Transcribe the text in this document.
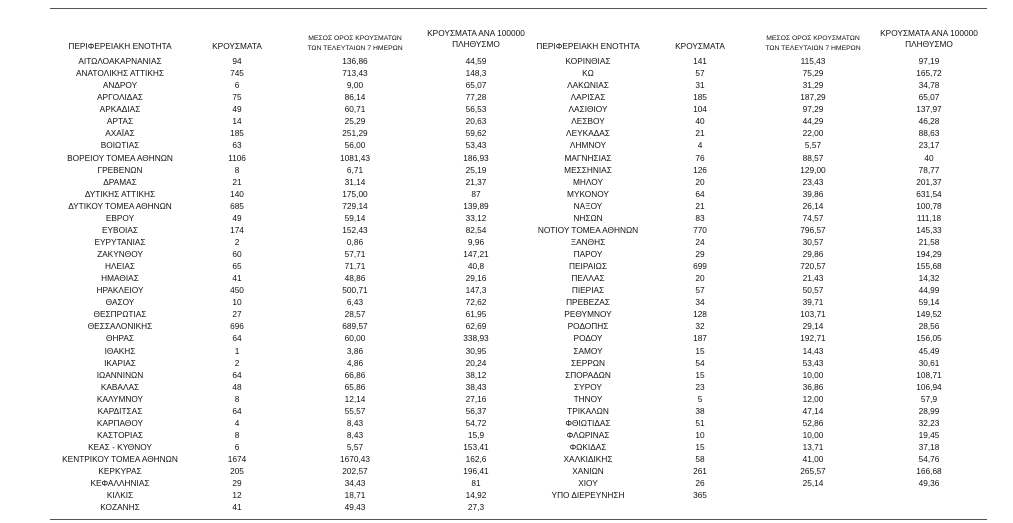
ΠΕΡΙΦΕΡΕΙΑΚΗ ΕΝΟΤΗΤΑ	ΚΡΟΥΣΜΑΤΑ
ΜΕΣΟΣ ΟΡΟΣ ΚΡΟΥΣΜΑΤΩΝ
ΤΩΝ ΤΕΛΕΥΤΑΙΩΝ 7 ΗΜΕΡΩΝ
ΚΡΟΥΣΜΑΤΑ ΑΝΑ 100000
ΠΛΗΘΥΣΜΟ
ΑΙΤΩΛΟΑΚΑΡΝΑΝΙΑΣ	94	136,86	44,59
ΑΝΑΤΟΛΙΚΗΣ ΑΤΤΙΚΗΣ	745	713,43	148,3
ΑΝΔΡΟΥ	6	9,00	65,07
ΑΡΓΟΛΙΔΑΣ	75	86,14	77,28
ΑΡΚΑΔΙΑΣ	49	60,71	56,53
ΑΡΤΑΣ	14	25,29	20,63
ΑΧΑΪΑΣ	185	251,29	59,62
ΒΟΙΩΤΙΑΣ	63	56,00	53,43
ΒΟΡΕΙΟΥ ΤΟΜΕΑ ΑΘΗΝΩΝ	1106	1081,43	186,93
ΓΡΕΒΕΝΩΝ	8	6,71	25,19
ΔΡΑΜΑΣ	21	31,14	21,37
ΔΥΤΙΚΗΣ ΑΤΤΙΚΗΣ	140	175,00	87
ΔΥΤΙΚΟΥ ΤΟΜΕΑ ΑΘΗΝΩΝ	685	729,14	139,89
ΕΒΡΟΥ	49	59,14	33,12
ΕΥΒΟΙΑΣ	174	152,43	82,54
ΕΥΡΥΤΑΝΙΑΣ	2	0,86	9,96
ΖΑΚΥΝΘΟΥ	60	57,71	147,21
ΗΛΕΙΑΣ	65	71,71	40,8
ΗΜΑΘΙΑΣ	41	48,86	29,16
ΗΡΑΚΛΕΙΟΥ	450	500,71	147,3
ΘΑΣΟΥ	10	6,43	72,62
ΘΕΣΠΡΩΤΙΑΣ	27	28,57	61,95
ΘΕΣΣΑΛΟΝΙΚΗΣ	696	689,57	62,69
ΘΗΡΑΣ	64	60,00	338,93
ΙΘΑΚΗΣ	1	3,86	30,95
ΙΚΑΡΙΑΣ	2	4,86	20,24
ΙΩΑΝΝΙΝΩΝ	64	66,86	38,12
ΚΑΒΑΛΑΣ	48	65,86	38,43
ΚΑΛΥΜΝΟΥ	8	12,14	27,16
ΚΑΡΔΙΤΣΑΣ	64	55,57	56,37
ΚΑΡΠΑΘΟΥ	4	8,43	54,72
ΚΑΣΤΟΡΙΑΣ	8	8,43	15,9
ΚΕΑΣ - ΚΥΘΝΟΥ	6	5,57	153,41
ΚΕΝΤΡΙΚΟΥ ΤΟΜΕΑ ΑΘΗΝΩΝ	1674	1670,43	162,6
ΚΕΡΚΥΡΑΣ	205	202,57	196,41
ΚΕΦΑΛΛΗΝΙΑΣ	29	34,43	81
ΚΙΛΚΙΣ	12	18,71	14,92
ΚΟΖΑΝΗΣ	41	49,43	27,3
ΠΕΡΙΦΕΡΕΙΑΚΗ ΕΝΟΤΗΤΑ	ΚΡΟΥΣΜΑΤΑ
ΜΕΣΟΣ ΟΡΟΣ ΚΡΟΥΣΜΑΤΩΝ
ΤΩΝ ΤΕΛΕΥΤΑΙΩΝ 7 ΗΜΕΡΩΝ
ΚΡΟΥΣΜΑΤΑ ΑΝΑ 100000
ΠΛΗΘΥΣΜΟ
ΚΟΡΙΝΘΙΑΣ	141	115,43	97,19
ΚΩ	57	75,29	165,72
ΛΑΚΩΝΙΑΣ	31	31,29	34,78
ΛΑΡΙΣΑΣ	185	187,29	65,07
ΛΑΣΙΘΙΟΥ	104	97,29	137,97
ΛΕΣΒΟΥ	40	44,29	46,28
ΛΕΥΚΑΔΑΣ	21	22,00	88,63
ΛΗΜΝΟΥ	4	5,57	23,17
ΜΑΓΝΗΣΙΑΣ	76	88,57	40
ΜΕΣΣΗΝΙΑΣ	126	129,00	78,77
ΜΗΛΟΥ	20	23,43	201,37
ΜΥΚΟΝΟΥ	64	39,86	631,54
ΝΑΞΟΥ	21	26,14	100,78
ΝΗΣΩΝ	83	74,57	111,18
ΝΟΤΙΟΥ ΤΟΜΕΑ ΑΘΗΝΩΝ	770	796,57	145,33
ΞΑΝΘΗΣ	24	30,57	21,58
ΠΑΡΟΥ	29	29,86	194,29
ΠΕΙΡΑΙΩΣ	699	720,57	155,68
ΠΕΛΛΑΣ	20	21,43	14,32
ΠΙΕΡΙΑΣ	57	50,57	44,99
ΠΡΕΒΕΖΑΣ	34	39,71	59,14
ΡΕΘΥΜΝΟΥ	128	103,71	149,52
ΡΟΔΟΠΗΣ	32	29,14	28,56
ΡΟΔΟΥ	187	192,71	156,05
ΣΑΜΟΥ	15	14,43	45,49
ΣΕΡΡΩΝ	54	53,43	30,61
ΣΠΟΡΑΔΩΝ	15	10,00	108,71
ΣΥΡΟΥ	23	36,86	106,94
ΤΗΝΟΥ	5	12,00	57,9
ΤΡΙΚΑΛΩΝ	38	47,14	28,99
ΦΘΙΩΤΙΔΑΣ	51	52,86	32,23
ΦΛΩΡΙΝΑΣ	10	10,00	19,45
ΦΩΚΙΔΑΣ	15	13,71	37,18
ΧΑΛΚΙΔΙΚΗΣ	58	41,00	54,76
ΧΑΝΙΩΝ	261	265,57	166,68
ΧΙΟΥ	26	25,14	49,36
ΥΠΟ ΔΙΕΡΕΥΝΗΣΗ	365
